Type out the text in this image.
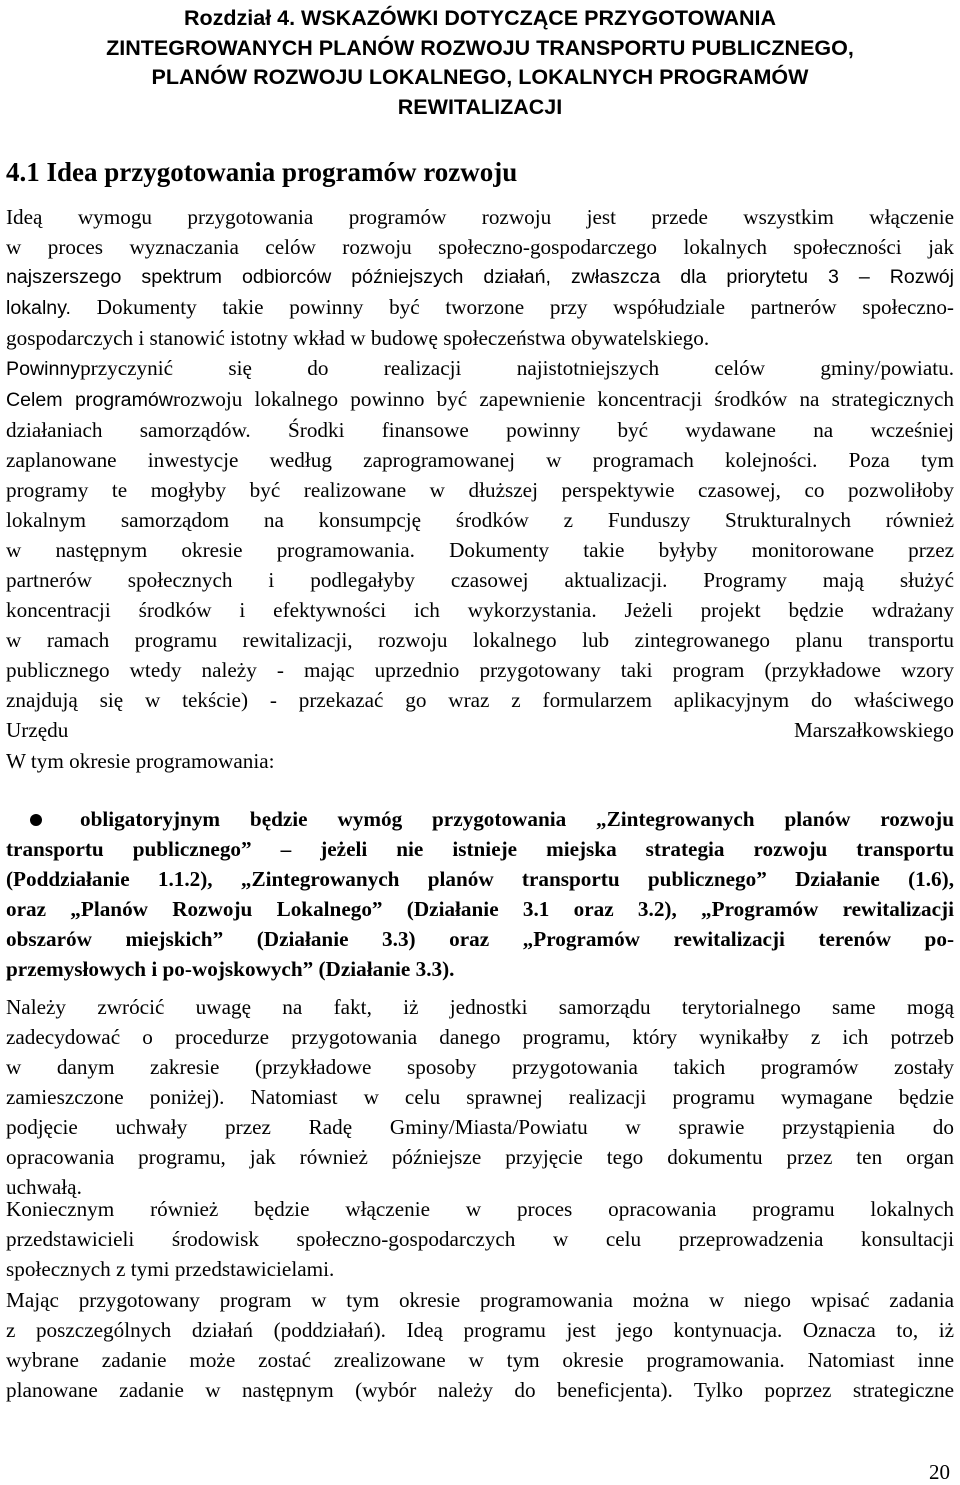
Rozdział 4. WSKAZÓWKI DOTYCZĄCE PRZYGOTOWANIA
ZINTEGROWANYCH PLANÓW ROZWOJU TRANSPORTU PUBLICZNEGO,
PLANÓW ROZWOJU LOKALNEGO, LOKALNYCH PROGRAMÓW
REWITALIZACJI
4.1 Idea przygotowania programów rozwoju
Ideą wymogu przygotowania programów rozwoju jest przede wszystkim włączenie
w proces wyznaczania celów rozwoju społeczno-gospodarczego lokalnych społeczności jak
najszerszego spektrum odbiorców późniejszych działań, zwłaszcza dla priorytetu 3 – Rozwój
lokalny. Dokumenty takie powinny być tworzone przy współudziale partnerów społeczno-
gospodarczych i stanowić istotny wkład w budowę społeczeństwa obywatelskiego.
Powinnyprzyczynić się do realizacji najistotniejszych celów gminy/powiatu.
Celem programówrozwoju lokalnego powinno być zapewnienie koncentracji środków na strategicznych
działaniach samorządów. Środki finansowe powinny być wydawane na wcześniej
zaplanowane inwestycje według zaprogramowanej w programach kolejności. Poza tym
programy te mogłyby być realizowane w dłuższej perspektywie czasowej, co pozwoliłoby
lokalnym samorządom na konsumpcję środków z Funduszy Strukturalnych również
w następnym okresie programowania. Dokumenty takie byłyby monitorowane przez
partnerów społecznych i podlegałyby czasowej aktualizacji. Programy mają służyć
koncentracji środków i efektywności ich wykorzystania. Jeżeli projekt będzie wdrażany
w ramach programu rewitalizacji, rozwoju lokalnego lub zintegrowanego planu transportu
publicznego wtedy należy - mając uprzednio przygotowany taki program (przykładowe wzory
znajdują się w tekście) - przekazać go wraz z formularzem aplikacyjnym do właściwego
Urzędu Marszałkowskiego

W tym okresie programowania:

obligatoryjnym będzie wymóg przygotowania „Zintegrowanych planów rozwoju
transportu publicznego” – jeżeli nie istnieje miejska strategia rozwoju transportu
(Poddziałanie 1.1.2), „Zintegrowanych planów transportu publicznego” Działanie (1.6),
oraz „Planów Rozwoju Lokalnego” (Działanie 3.1 oraz 3.2), „Programów rewitalizacji
obszarów miejskich” (Działanie 3.3) oraz „Programów rewitalizacji terenów po-
przemysłowych i po-wojskowych” (Działanie 3.3).
Należy zwrócić uwagę na fakt, iż jednostki samorządu terytorialnego same mogą
zadecydować o procedurze przygotowania danego programu, który wynikałby z ich potrzeb
w danym zakresie (przykładowe sposoby przygotowania takich programów zostały
zamieszczone poniżej). Natomiast w celu sprawnej realizacji programu wymagane będzie
podjęcie uchwały przez Radę Gminy/Miasta/Powiatu w sprawie przystąpienia do
opracowania programu, jak również późniejsze przyjęcie tego dokumentu przez ten organ
uchwałą.
Koniecznym również będzie włączenie w proces opracowania programu lokalnych
przedstawicieli środowisk społeczno-gospodarczych w celu przeprowadzenia konsultacji
społecznych z tymi przedstawicielami.
Mając przygotowany program w tym okresie programowania można w niego wpisać zadania
z poszczególnych działań (poddziałań). Ideą programu jest jego kontynuacja. Oznacza to, iż
wybrane zadanie może zostać zrealizowane w tym okresie programowania. Natomiast inne
planowane zadanie w następnym (wybór należy do beneficjenta). Tylko poprzez strategiczne

20
